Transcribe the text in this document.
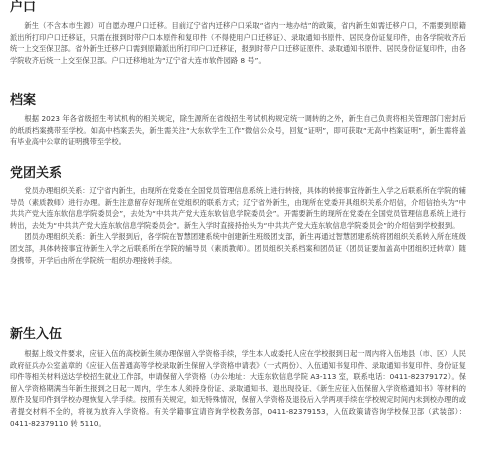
户口

新生（不含本市生源）可自愿办理户口迁移。目前辽宁省内迁移户口采取“省内一地办结”的政策，省内新生如需迁移户口，不需要到原籍派出所打印户口迁移证，只需在报到时带户口本原件和复印件（不得使用户口迁移证）、录取通知书原件、居民身份证复印件，由各学院收齐后统一上交至保卫部。省外新生迁移户口需到原籍派出所打印户口迁移证，报到时带户口迁移证原件、录取通知书原件、居民身份证复印件，由各学院收齐后统一上交至保卫部。户口迁移地址为“辽宁省大连市软件园路 8 号”。

档案

根据 2023 年各省级招生考试机构的相关规定，除生源所在省级招生考试机构规定统一调转的之外，新生自己负责将相关管理部门密封后的纸质档案携带至学校。如高中档案丢失，新生需关注“大东软学生工作”微信公众号，回复“证明”，即可获取“无高中档案证明”，新生需将盖有毕业高中公章的证明携带至学校。

党团关系

党员办理组织关系：辽宁省内新生，由现所在党委在全国党员管理信息系统上进行转接，具体的转接事宜待新生入学之后联系所在学院的辅导员（素质教师）进行办理。新生注意留存好现所在党组织的联系方式；辽宁省外新生，由现所在党委开具组织关系介绍信，介绍信抬头为“中共共产党大连东软信息学院委员会”，去处为“中共共产党大连东软信息学院委员会”。开需要新生的现所在党委在全国党员管理信息系统上进行转出，去处为“中共共产党大连东软信息学院委员会”。新生入学时直接持抬头为“中共共产党大连东软信息学院委员会”的介绍信到学校报到。

团员办理组织关系：新生入学报到后，各学院在智慧团建系统中创建新生班级团支部，新生再通过智慧团建系统将团组织关系转入所在班级团支部，具体转接事宜待新生入学之后联系所在学院的辅导员（素质教师）。团员组织关系档案和团员证（团员证要加盖高中团组织迁转章）随身携带，开学后由所在学院统一组织办理接转手续。

新生入伍

根据上级文件要求，应征入伍的高校新生须办理保留入学资格手续，学生本人或委托人应在学校报到日起一周内将入伍地县（市、区）人民政府征兵办公室盖章的《应征入伍普通高等学校录取新生保留入学资格申请表》（一式两份）、入伍通知书复印件、录取通知书复印件、身份证复印件等相关材料送达学校招生就业工作部，申请保留入学资格（办公地址：大连东软信息学院 A3-113 室，联系电话：0411-82379172）。保留入学资格期满当年新生报到之日起一周内，学生本人须持身份证、录取通知书、退出现役证、《新生应征入伍保留入学资格通知书》等材料的原件及复印件到学校办理恢复入学手续。按照有关规定，如无特殊情况，保留入学资格及退役后入学两项手续在学校规定时间内未到校办理的或者提交材料不全的，将视为放弃入学资格。有关学籍事宜请咨询学校教务部，0411-82379153，入伍政策请咨询学校保卫部（武装部）：0411-82379110 转 5110。
